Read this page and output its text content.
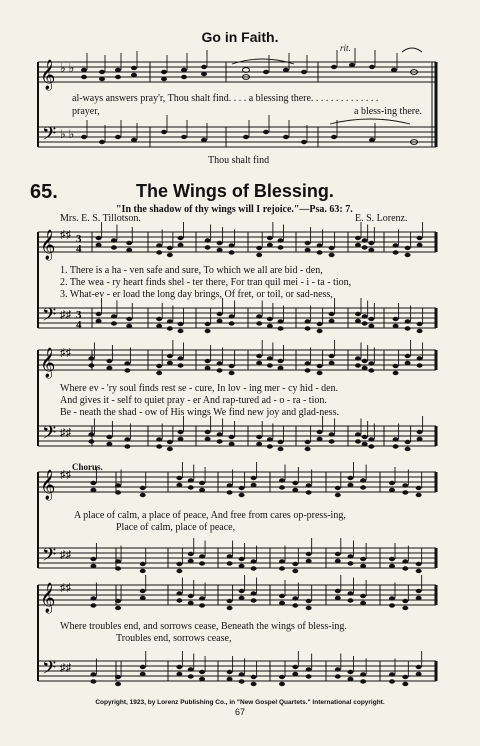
Go in Faith.
𝄞
𝄢
♭ ♭
♭ ♭
rit.
al-ways answers pray'r, Thou shalt find. . . . a blessing there. . . . . . . . . . . . . .
prayer,	a bless-ing there.
Thou shalt find
65.	The Wings of Blessing.
"In the shadow of thy wings will I rejoice."—Psa. 63: 7.
Mrs. E. S. Tillotson.	E. S. Lorenz.
𝄞
𝄢
♯♯
♯♯
3
4
3
4
𝄞
𝄢
♯♯
♯♯
𝄞
𝄢
♯♯
♯♯
𝄞
𝄢
♯♯
♯♯
1. There is a ha - ven safe and sure, To which we all are bid - den,
2. The wea - ry heart finds shel - ter there, For tran quil mei - i - ta - tion,
3. What-ev - er load the long day brings, Of fret, or toil, or sad-ness,
Where ev - 'ry soul finds rest se - cure, In lov - ing mer - cy hid - den.
And gives it - self to quiet pray - er And rap-tured ad - o - ra - tion.
Be - neath the shad - ow of His wings We find new joy and glad-ness.
Chorus.
A place of calm, a place of peace, And free from cares op-press-ing,
Place of calm, place of peace,
Where troubles end, and sorrows cease, Beneath the wings of bless-ing.
Troubles end, sorrows cease,
Copyright, 1923, by Lorenz Publishing Co., in "New Gospel Quartets." International copyright.
67
